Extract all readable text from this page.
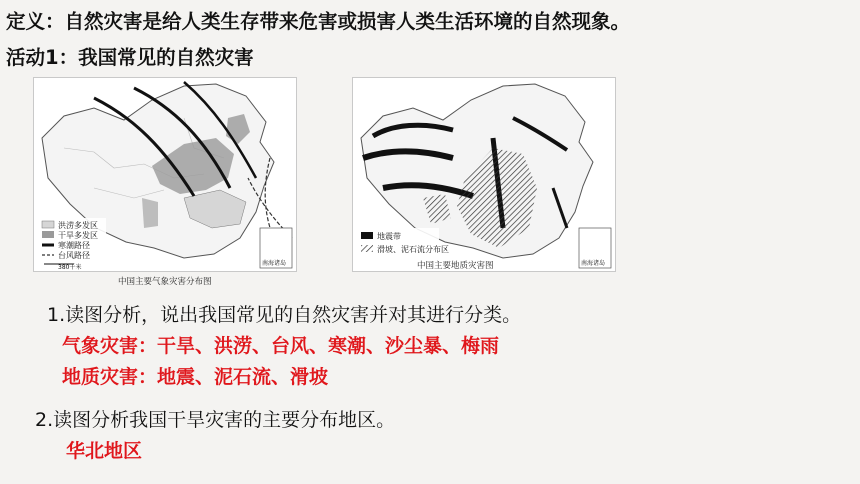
定义：自然灾害是给人类生存带来危害或损害人类生活环境的自然现象。
活动1：我国常见的自然灾害
洪涝多发区
干旱多发区
寒潮路径
台风路径
380千米
南海诸岛
中国主要气象灾害分布图
地震带
滑坡、泥石流分布区
南海诸岛
中国主要地质灾害图
1.读图分析，说出我国常见的自然灾害并对其进行分类。
气象灾害：干旱、洪涝、台风、寒潮、沙尘暴、梅雨
地质灾害：地震、泥石流、滑坡
2.读图分析我国干旱灾害的主要分布地区。
华北地区
